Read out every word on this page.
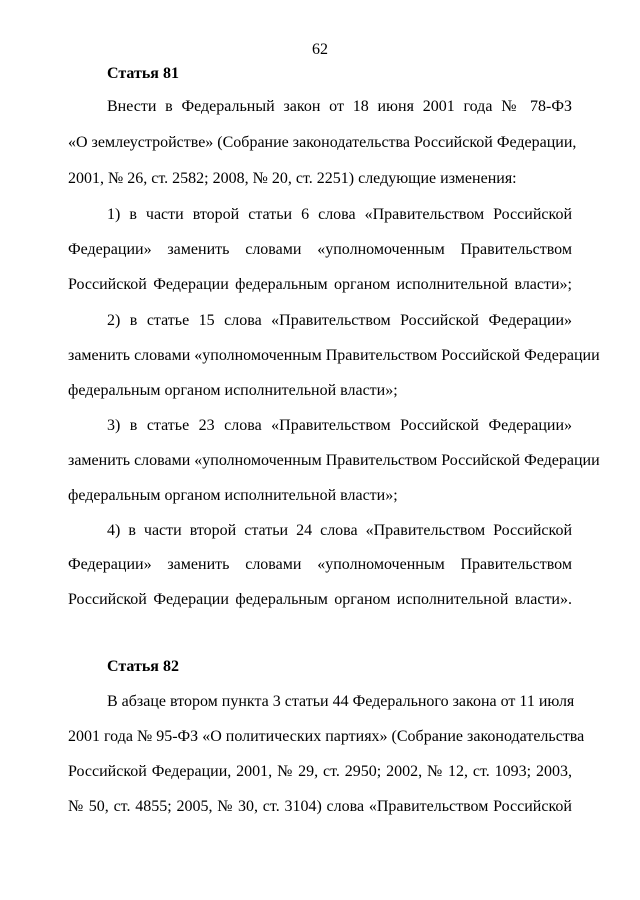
62
Статья 81
Внести в Федеральный закон от 18 июня 2001 года № 78-ФЗ
«О землеустройстве» (Собрание законодательства Российской Федерации,
2001, № 26, ст. 2582; 2008, № 20, ст. 2251) следующие изменения:
1) в части второй статьи 6 слова «Правительством Российской
Федерации» заменить словами «уполномоченным Правительством
Российской Федерации федеральным органом исполнительной власти»;
2) в статье 15 слова «Правительством Российской Федерации»
заменить словами «уполномоченным Правительством Российской Федерации
федеральным органом исполнительной власти»;
3) в статье 23 слова «Правительством Российской Федерации»
заменить словами «уполномоченным Правительством Российской Федерации
федеральным органом исполнительной власти»;
4) в части второй статьи 24 слова «Правительством Российской
Федерации» заменить словами «уполномоченным Правительством
Российской Федерации федеральным органом исполнительной власти».
Статья 82
В абзаце втором пункта 3 статьи 44 Федерального закона от 11 июля
2001 года № 95-ФЗ «О политических партиях» (Собрание законодательства
Российской Федерации, 2001, № 29, ст. 2950; 2002, № 12, ст. 1093; 2003,
№ 50, ст. 4855; 2005, № 30, ст. 3104) слова «Правительством Российской
